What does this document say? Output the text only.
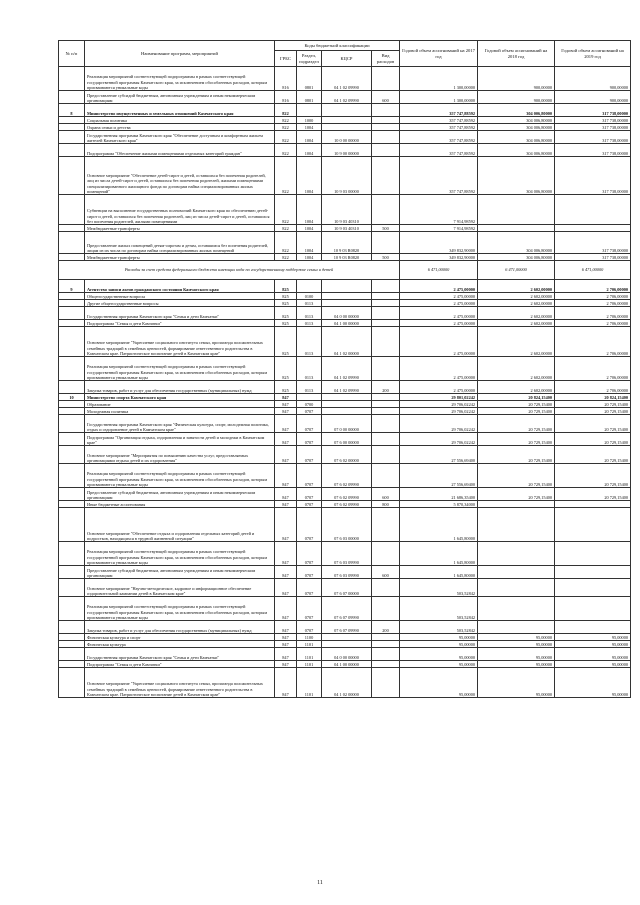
№ п/п	Наименование программ, мероприятий	Коды бюджетной классификации				Годовой объем ассигнований на 2017 год	Годовой объем ассигнований на 2018 год	Годовой объем ассигнований на 2019 год
		ГРБС	Раздел, подраздел	КЦСР	Вид расходов			
	Реализация мероприятий соответствующей подпрограммы в рамках соответствующей государственной программы Камчатского края, за исключением обособленных расходов, которым присваиваются уникальные коды	816	0801	04 1 02 09990		1 300,00000	900,00000	900,00000
	Предоставление субсидий бюджетным, автономным учреждениям и иным некоммерческим организациям	816	0801	04 1 02 09990	600	1 300,00000	900,00000	900,00000
8	Министерство имущественных и земельных отношений Камчатского края	822				357 747,88592	304 006,80000	317 738,00000
	Социальная политика	822	1000			357 747,88592	304 006,80000	317 738,00000
	Охрана семьи и детства	822	1004			357 747,88592	304 006,80000	317 738,00000
	Государственная программа Камчатского края "Обеспечение доступным и комфортным жильем жителей Камчатского края"	822	1004	10 0 00 00000		357 747,88592	304 006,80000	317 738,00000
	Подпрограмма "Обеспечение жилыми помещениями отдельных категорий граждан"	822	1004	10 9 00 00000		357 747,88592	304 006,80000	317 738,00000
	Основное мероприятие "Обеспечение детей-сирот и детей, оставшихся без попечения родителей, лиц из числа детей-сирот и детей, оставшихся без попечения родителей, жилыми помещениями специализированного жилищного фонда по договорам найма специализированных жилых помещений"	822	1004	10 9 03 00000		357 747,88592	304 006,80000	317 738,00000
	Субвенции на выполнение государственных полномочий Камчатского края по обеспечению детей-сирот и детей, оставшихся без попечения родителей, лиц из числа детей-сирот и детей, оставшихся без попечения родителей, жилыми помещениями	822	1004	10 9 03 40310		7 914,98592		
	Межбюджетные трансферты	822	1004	10 9 03 40310	500	7 914,98592		
	Предоставление жилых помещений детям-сиротам и детям, оставшимся без попечения родителей, лицам из их числа по договорам найма специализированных жилых помещений	822	1004	10 9 03 R0820		349 832,90000	304 006,80000	317 738,00000
	Межбюджетные трансферты	822	1004	10 9 03 R0820	500	349 832,90000	304 006,80000	317 738,00000
Расходы за счет средств федерального бюджета имеющих кода по государственному поддержке семьи и детей						6 471,00000	6 471,00000	6 471,00000
9	Агентство записи актов гражданского состояния Камчатского края	825				2 475,00000	2 602,00000	2 706,00000
	Общегосударственные вопросы	825	0100			2 475,00000	2 602,00000	2 706,00000
	Другие общегосударственные вопросы	825	0113			2 475,00000	2 602,00000	2 706,00000
	Государственная программа Камчатского края "Семья и дети Камчатки"	825	0113	04 0 00 00000		2 475,00000	2 602,00000	2 706,00000
	Подпрограмма "Семья и дети Камчатки"	825	0113	04 1 00 00000		2 475,00000	2 602,00000	2 706,00000
	Основное мероприятие "Укрепление социального института семьи, пропаганда положительных семейных традиций в семейных ценностей, формирование ответственного родительства в Камчатском крае. Патриотическое воспитание детей в Камчатском крае"	825	0113	04 1 02 00000		2 475,00000	2 602,00000	2 706,00000
	Реализация мероприятий соответствующей подпрограммы в рамках соответствующей государственной программы Камчатского края, за исключением обособленных расходов, которым присваиваются уникальные коды	825	0113	04 1 02 09990		2 475,00000	2 602,00000	2 706,00000
	Закупка товаров, работ и услуг для обеспечения государственных (муниципальных) нужд	825	0113	04 1 02 09990	200	2 475,00000	2 602,00000	2 706,00000
10	Министерство спорта Камчатского края	847				29 801,02242	20 824,15400	20 824,15400
	Образование	847	0700			29 706,02242	20 729,15400	20 729,15400
	Молодежная политика	847	0707			29 706,02242	20 729,15400	20 729,15400
	Государственная программа Камчатского края "Физическая культура, спорт, молодежная политика, отдых и оздоровление детей в Камчатском крае"	847	0707	07 0 00 00000		29 706,02242	20 729,15400	20 729,15400
	Подпрограмма "Организация отдыха, оздоровления и занятости детей и молодежи в Камчатском крае"	847	0707	07 6 00 00000		29 706,02242	20 729,15400	20 729,15400
	Основное мероприятие "Мероприятия по повышению качества услуг, предоставляемых организациями отдыха детей и их оздоровления"	847	0707	07 6 02 00000		27 556,69400	20 729,15400	20 729,15400
	Реализация мероприятий соответствующей подпрограммы в рамках соответствующей государственной программы Камчатского края, за исключением обособленных расходов, которым присваиваются уникальные коды	847	0707	07 6 02 09990		27 556,69400	20 729,15400	20 729,15400
	Предоставление субсидий бюджетным, автономным учреждениям и иным некоммерческим организациям	847	0707	07 6 02 09990	600	21 686,35400	20 729,15400	20 729,15400
	Иные бюджетные ассигнования	847	0707	07 6 02 09990	800	5 870,34000		
	Основное мероприятие "Обеспечение отдыха и оздоровления отдельных категорий детей и подростков, находящихся в трудной жизненной ситуации"	847	0707	07 6 03 00000		1 645,80000		
	Реализация мероприятий соответствующей подпрограммы в рамках соответствующей государственной программы Камчатского края, за исключением обособленных расходов, которым присваиваются уникальные коды	847	0707	07 6 03 09990		1 645,80000		
	Предоставление субсидий бюджетным, автономным учреждениям и иным некоммерческим организациям	847	0707	07 6 03 09990	600	1 645,80000		
	Основное мероприятие "Научно-методическое, кадровое и информационное обеспечение оздоровительной кампании детей в Камчатском крае"	847	0707	07 6 07 00000		503,52842		
	Реализация мероприятий соответствующей подпрограммы в рамках соответствующей государственной программы Камчатского края, за исключением обособленных расходов, которым присваиваются уникальные коды	847	0707	07 6 07 09990		503,52842		
	Закупка товаров, работ и услуг для обеспечения государственных (муниципальных) нужд	847	0707	07 6 07 09990	200	503,52842		
	Физическая культура и спорт	847	1100			95,00000	95,00000	95,00000
	Физическая культура	847	1101			95,00000	95,00000	95,00000
	Государственная программа Камчатского края "Семья и дети Камчатки"	847	1101	04 0 00 00000		95,00000	95,00000	95,00000
	Подпрограмма "Семья и дети Камчатки"	847	1101	04 1 00 00000		95,00000	95,00000	95,00000
	Основное мероприятие "Укрепление социального института семьи, пропаганда положительных семейных традиций в семейных ценностей, формирование ответственного родительства в Камчатском крае. Патриотическое воспитание детей в Камчатском крае"	847	1101	04 1 02 00000		95,00000	95,00000	95,00000
11
